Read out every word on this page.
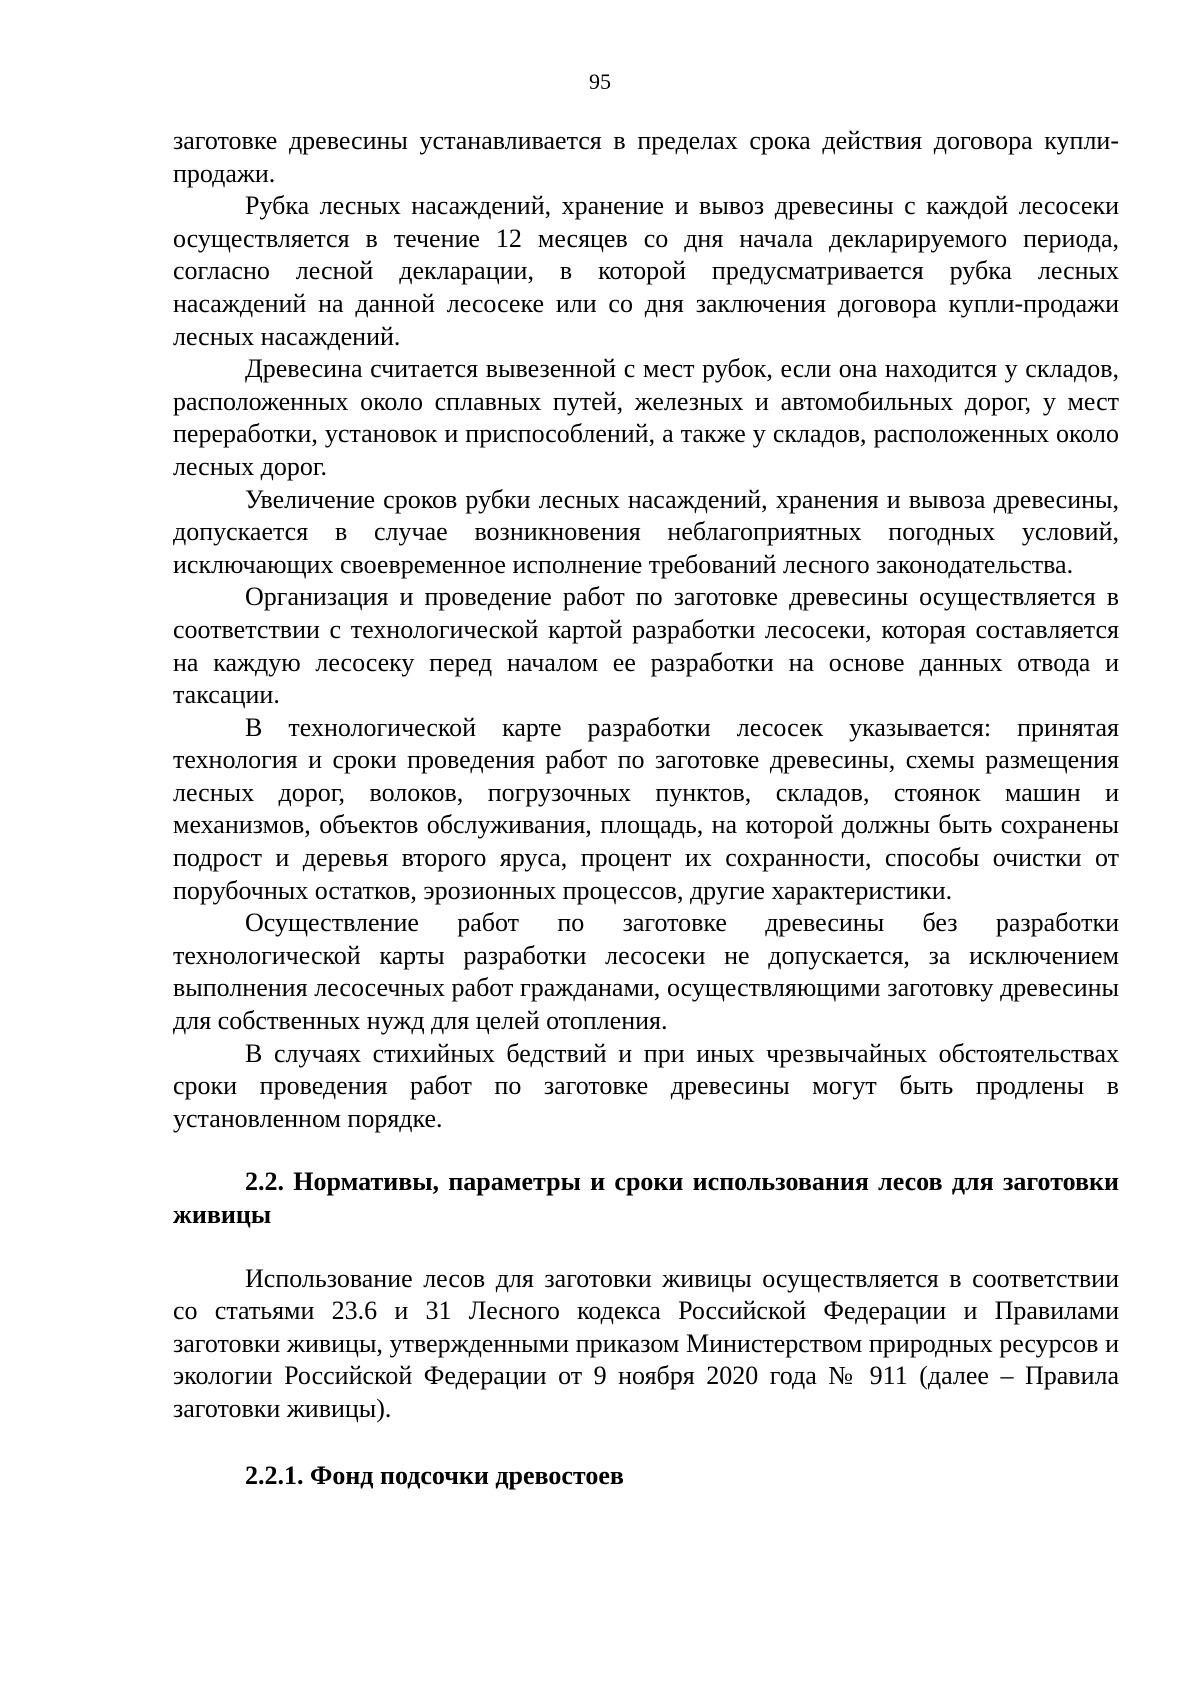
95

заготовке древесины устанавливается в пределах срока действия договора купли-продажи.

Рубка лесных насаждений, хранение и вывоз древесины с каждой лесосеки осуществляется в течение 12 месяцев со дня начала декларируемого периода, согласно лесной декларации, в которой предусматривается рубка лесных насаждений на данной лесосеке или со дня заключения договора купли-продажи лесных насаждений.

Древесина считается вывезенной с мест рубок, если она находится у складов, расположенных около сплавных путей, железных и автомобильных дорог, у мест переработки, установок и приспособлений, а также у складов, расположенных около лесных дорог.

Увеличение сроков рубки лесных насаждений, хранения и вывоза древесины, допускается в случае возникновения неблагоприятных погодных условий, исключающих своевременное исполнение требований лесного законодательства.

Организация и проведение работ по заготовке древесины осуществляется в соответствии с технологической картой разработки лесосеки, которая составляется на каждую лесосеку перед началом ее разработки на основе данных отвода и таксации.

В технологической карте разработки лесосек указывается: принятая технология и сроки проведения работ по заготовке древесины, схемы размещения лесных дорог, волоков, погрузочных пунктов, складов, стоянок машин и механизмов, объектов обслуживания, площадь, на которой должны быть сохранены подрост и деревья второго яруса, процент их сохранности, способы очистки от порубочных остатков, эрозионных процессов, другие характеристики.

Осуществление работ по заготовке древесины без разработки технологической карты разработки лесосеки не допускается, за исключением выполнения лесосечных работ гражданами, осуществляющими заготовку древесины для собственных нужд для целей отопления.

В случаях стихийных бедствий и при иных чрезвычайных обстоятельствах сроки проведения работ по заготовке древесины могут быть продлены в установленном порядке.

2.2. Нормативы, параметры и сроки использования лесов для заготовки живицы

Использование лесов для заготовки живицы осуществляется в соответствии со статьями 23.6 и 31 Лесного кодекса Российской Федерации и Правилами заготовки живицы, утвержденными приказом Министерством природных ресурсов и экологии Российской Федерации от 9 ноября 2020 года № 911 (далее – Правила заготовки живицы).

2.2.1. Фонд подсочки древостоев
